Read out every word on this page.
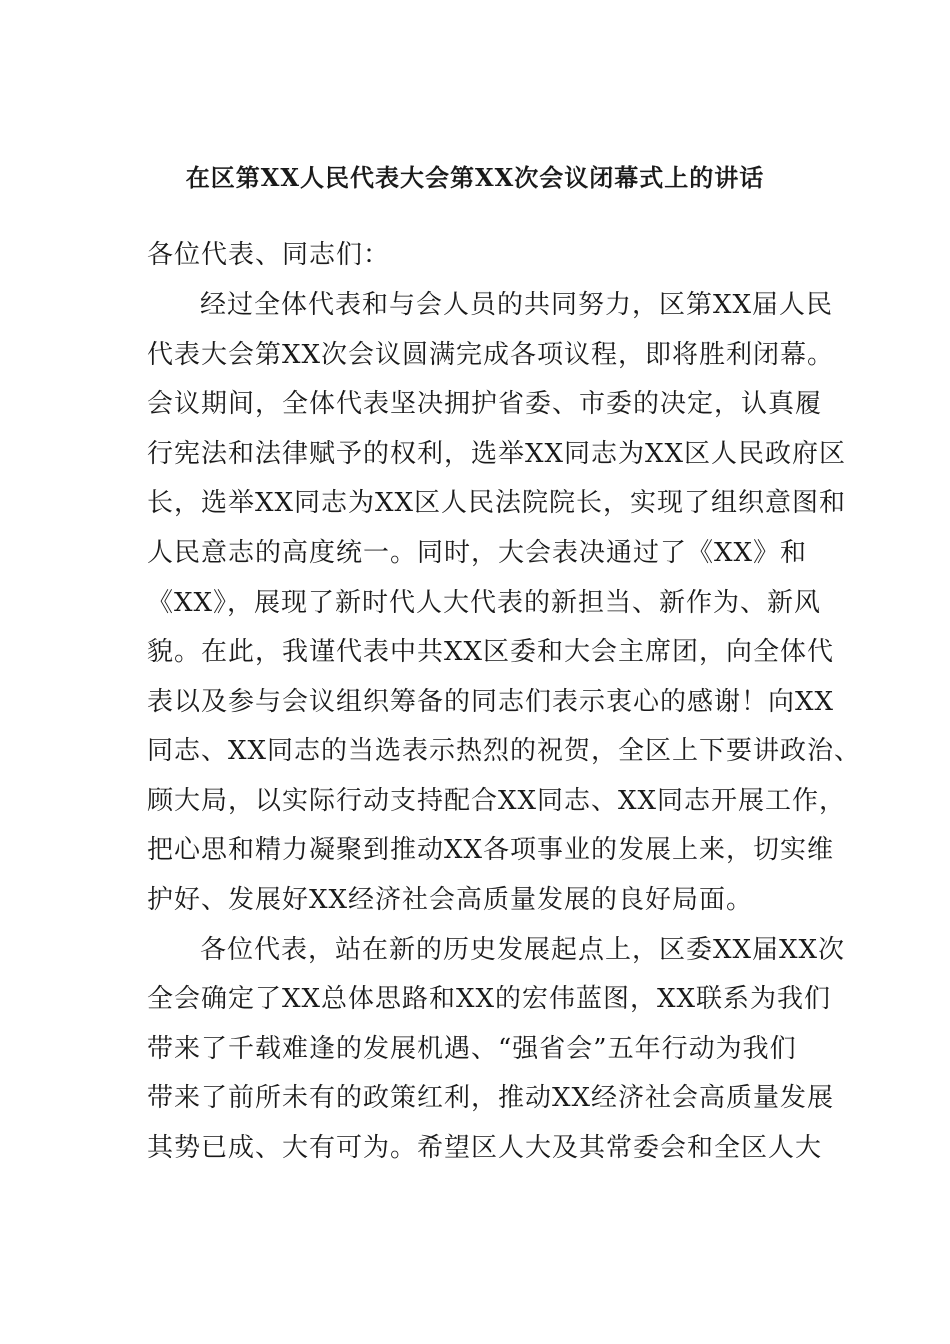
在区第XX人民代表大会第XX次会议闭幕式上的讲话
各位代表、同志们：
经过全体代表和与会人员的共同努力，区第XX届人民
代表大会第XX次会议圆满完成各项议程，即将胜利闭幕。
会议期间，全体代表坚决拥护省委、市委的决定，认真履
行宪法和法律赋予的权利，选举XX同志为XX区人民政府区
长，选举XX同志为XX区人民法院院长，实现了组织意图和
人民意志的高度统一。同时，大会表决通过了《XX》和
《XX》，展现了新时代人大代表的新担当、新作为、新风
貌。在此，我谨代表中共XX区委和大会主席团，向全体代
表以及参与会议组织筹备的同志们表示衷心的感谢！向XX
同志、XX同志的当选表示热烈的祝贺，全区上下要讲政治、
顾大局，以实际行动支持配合XX同志、XX同志开展工作，
把心思和精力凝聚到推动XX各项事业的发展上来，切实维
护好、发展好XX经济社会高质量发展的良好局面。
各位代表，站在新的历史发展起点上，区委XX届XX次
全会确定了XX总体思路和XX的宏伟蓝图，XX联系为我们
带来了千载难逢的发展机遇、“强省会”五年行动为我们
带来了前所未有的政策红利，推动XX经济社会高质量发展
其势已成、大有可为。希望区人大及其常委会和全区人大
